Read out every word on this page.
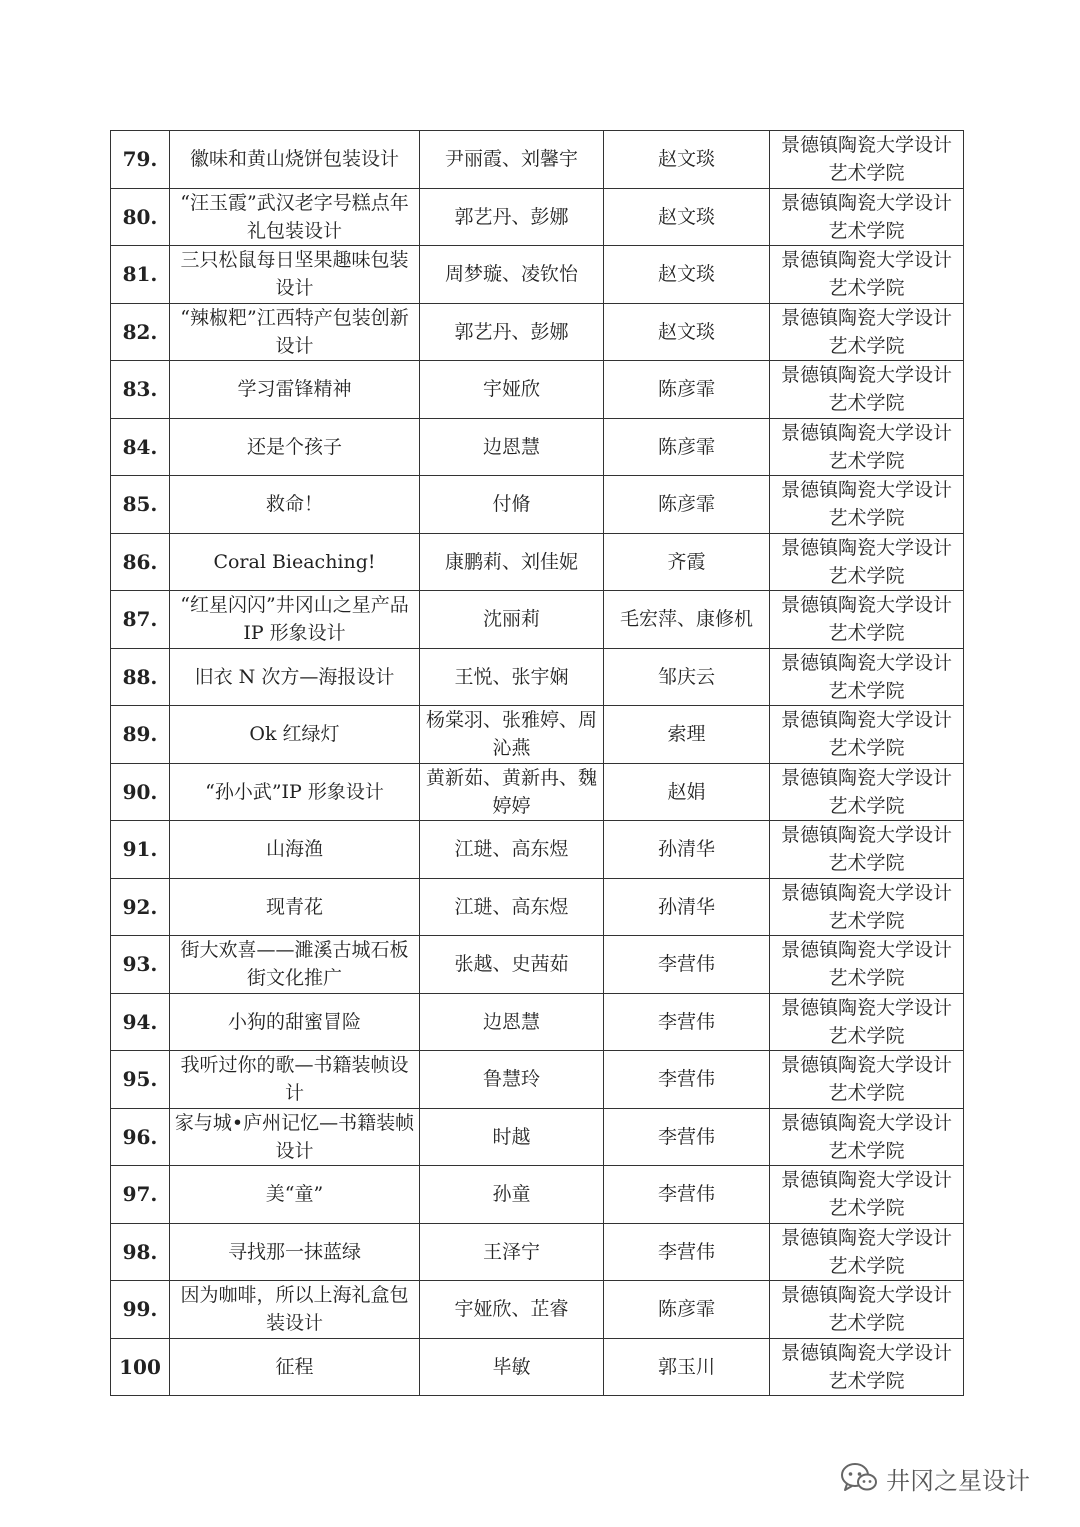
79.	徽味和黄山烧饼包装设计	尹丽霞、刘馨宇	赵文琰	景德镇陶瓷大学设计艺术学院
80.	“汪玉霞”武汉老字号糕点年礼包装设计	郭艺丹、彭娜	赵文琰	景德镇陶瓷大学设计艺术学院
81.	三只松鼠每日坚果趣味包装设计	周梦璇、凌钦怡	赵文琰	景德镇陶瓷大学设计艺术学院
82.	“辣椒粑”江西特产包装创新设计	郭艺丹、彭娜	赵文琰	景德镇陶瓷大学设计艺术学院
83.	学习雷锋精神	宇娅欣	陈彦霏	景德镇陶瓷大学设计艺术学院
84.	还是个孩子	边恩慧	陈彦霏	景德镇陶瓷大学设计艺术学院
85.	救命！	付脩	陈彦霏	景德镇陶瓷大学设计艺术学院
86.	Coral Bieaching!	康鹏莉、刘佳妮	齐霞	景德镇陶瓷大学设计艺术学院
87.	“红星闪闪”井冈山之星产品 IP 形象设计	沈丽莉	毛宏萍、康修机	景德镇陶瓷大学设计艺术学院
88.	旧衣 N 次方—海报设计	王悦、张宇娴	邹庆云	景德镇陶瓷大学设计艺术学院
89.	Ok 红绿灯	杨棠羽、张雅婷、周沁燕	索理	景德镇陶瓷大学设计艺术学院
90.	“孙小武”IP 形象设计	黄新茹、黄新冉、魏婷婷	赵娟	景德镇陶瓷大学设计艺术学院
91.	山海渔	江琎、高东煜	孙清华	景德镇陶瓷大学设计艺术学院
92.	现青花	江琎、高东煜	孙清华	景德镇陶瓷大学设计艺术学院
93.	街大欢喜——濉溪古城石板街文化推广	张越、史茜茹	李营伟	景德镇陶瓷大学设计艺术学院
94.	小狗的甜蜜冒险	边恩慧	李营伟	景德镇陶瓷大学设计艺术学院
95.	我听过你的歌—书籍装帧设计	鲁慧玲	李营伟	景德镇陶瓷大学设计艺术学院
96.	家与城•庐州记忆—书籍装帧设计	时越	李营伟	景德镇陶瓷大学设计艺术学院
97.	美“童”	孙童	李营伟	景德镇陶瓷大学设计艺术学院
98.	寻找那一抹蓝绿	王泽宁	李营伟	景德镇陶瓷大学设计艺术学院
99.	因为咖啡，所以上海礼盒包装设计	宇娅欣、芷睿	陈彦霏	景德镇陶瓷大学设计艺术学院
100	征程	毕敏	郭玉川	景德镇陶瓷大学设计艺术学院
井冈之星设计
